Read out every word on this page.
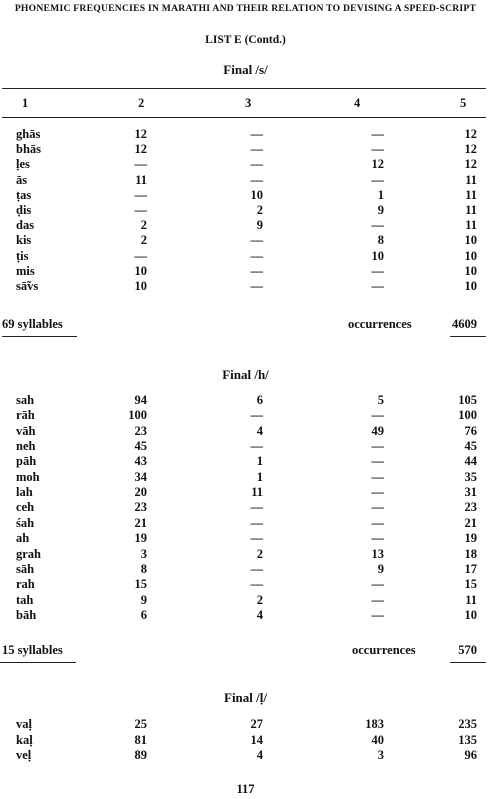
PHONEMIC FREQUENCIES IN MARATHI AND THEIR RELATION TO DEVISING A SPEED-SCRIPT
LIST E (Contd.)
Final /s/
1	2	3	4	5
ghās	12	—	—	12
bhās	12	—	—	12
ḷes	—	—	12	12
ās	11	—	—	11
ṭas	—	10	1	11
ḍis	—	2	9	11
das	2	9	—	11
kis	2	—	8	10
ṭis	—	—	10	10
mis	10	—	—	10
sā̃vs	10	—	—	10
69 syllables	occurrences	4609
Final /h/
sah	94	6	5	105
rāh	100	—	—	100
vāh	23	4	49	76
neh	45	—	—	45
pāh	43	1	—	44
moh	34	1	—	35
lah	20	11	—	31
ceh	23	—	—	23
śah	21	—	—	21
ah	19	—	—	19
grah	3	2	13	18
sāh	8	—	9	17
rah	15	—	—	15
tah	9	2	—	11
bāh	6	4	—	10
15 syllables	occurrences	570
Final /ḷ/
vaḷ	25	27	183	235
kaḷ	81	14	40	135
veḷ	89	4	3	96
117
